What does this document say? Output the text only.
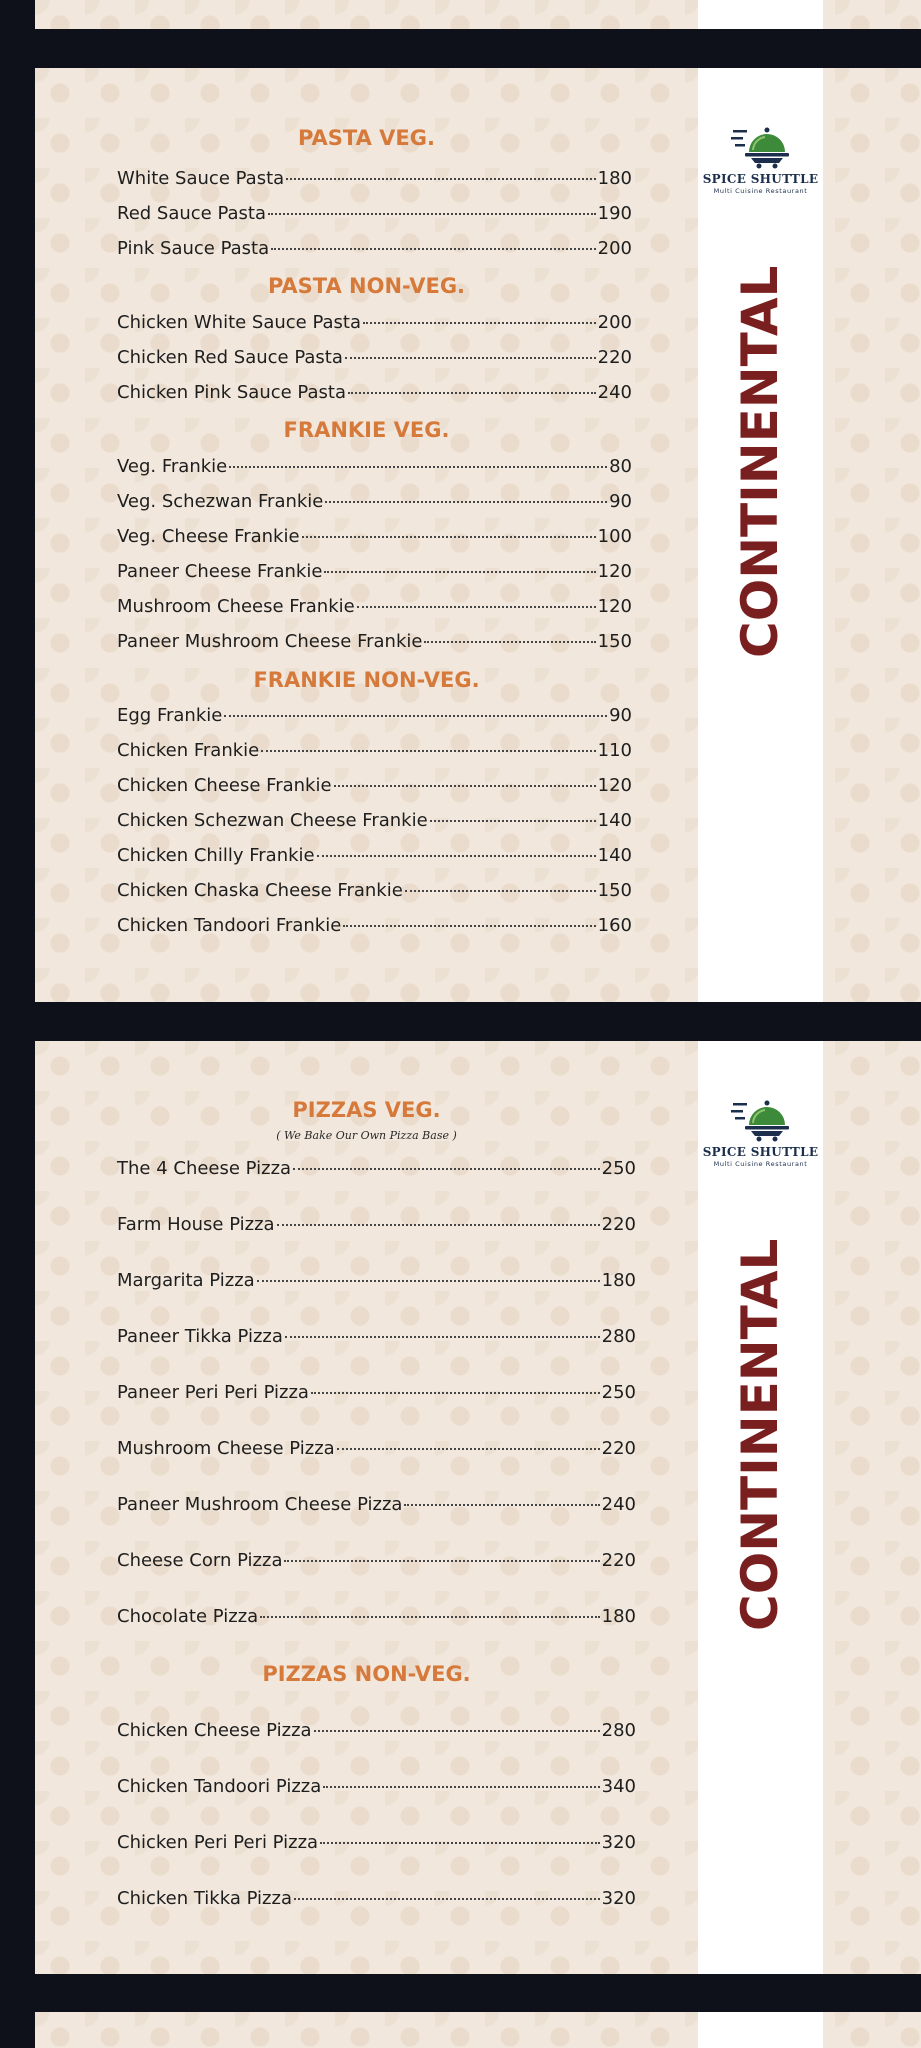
SPICE SHUTTLE
Multi Cuisine Restaurant
PASTA VEG.
White Sauce Pasta	180
Red Sauce Pasta	190
Pink Sauce Pasta	200
PASTA NON-VEG.
Chicken White Sauce Pasta	200
Chicken Red Sauce Pasta	220
Chicken Pink Sauce Pasta	240
FRANKIE VEG.
Veg. Frankie	80
Veg. Schezwan Frankie	90
Veg. Cheese Frankie	100
Paneer Cheese Frankie	120
Mushroom Cheese Frankie	120
Paneer Mushroom Cheese Frankie	150
FRANKIE NON-VEG.
Egg Frankie	90
Chicken Frankie	110
Chicken Cheese Frankie	120
Chicken Schezwan Cheese Frankie	140
Chicken Chilly Frankie	140
Chicken Chaska Cheese Frankie	150
Chicken Tandoori Frankie	160
SPICE SHUTTLE
Multi Cuisine Restaurant
PIZZAS VEG.
( We Bake Our Own Pizza Base )
The 4 Cheese Pizza	250
Farm House Pizza	220
Margarita Pizza	180
Paneer Tikka Pizza	280
Paneer Peri Peri Pizza	250
Mushroom Cheese Pizza	220
Paneer Mushroom Cheese Pizza	240
Cheese Corn Pizza	220
Chocolate Pizza	180
PIZZAS NON-VEG.
Chicken Cheese Pizza	280
Chicken Tandoori Pizza	340
Chicken Peri Peri Pizza	320
Chicken Tikka Pizza	320
